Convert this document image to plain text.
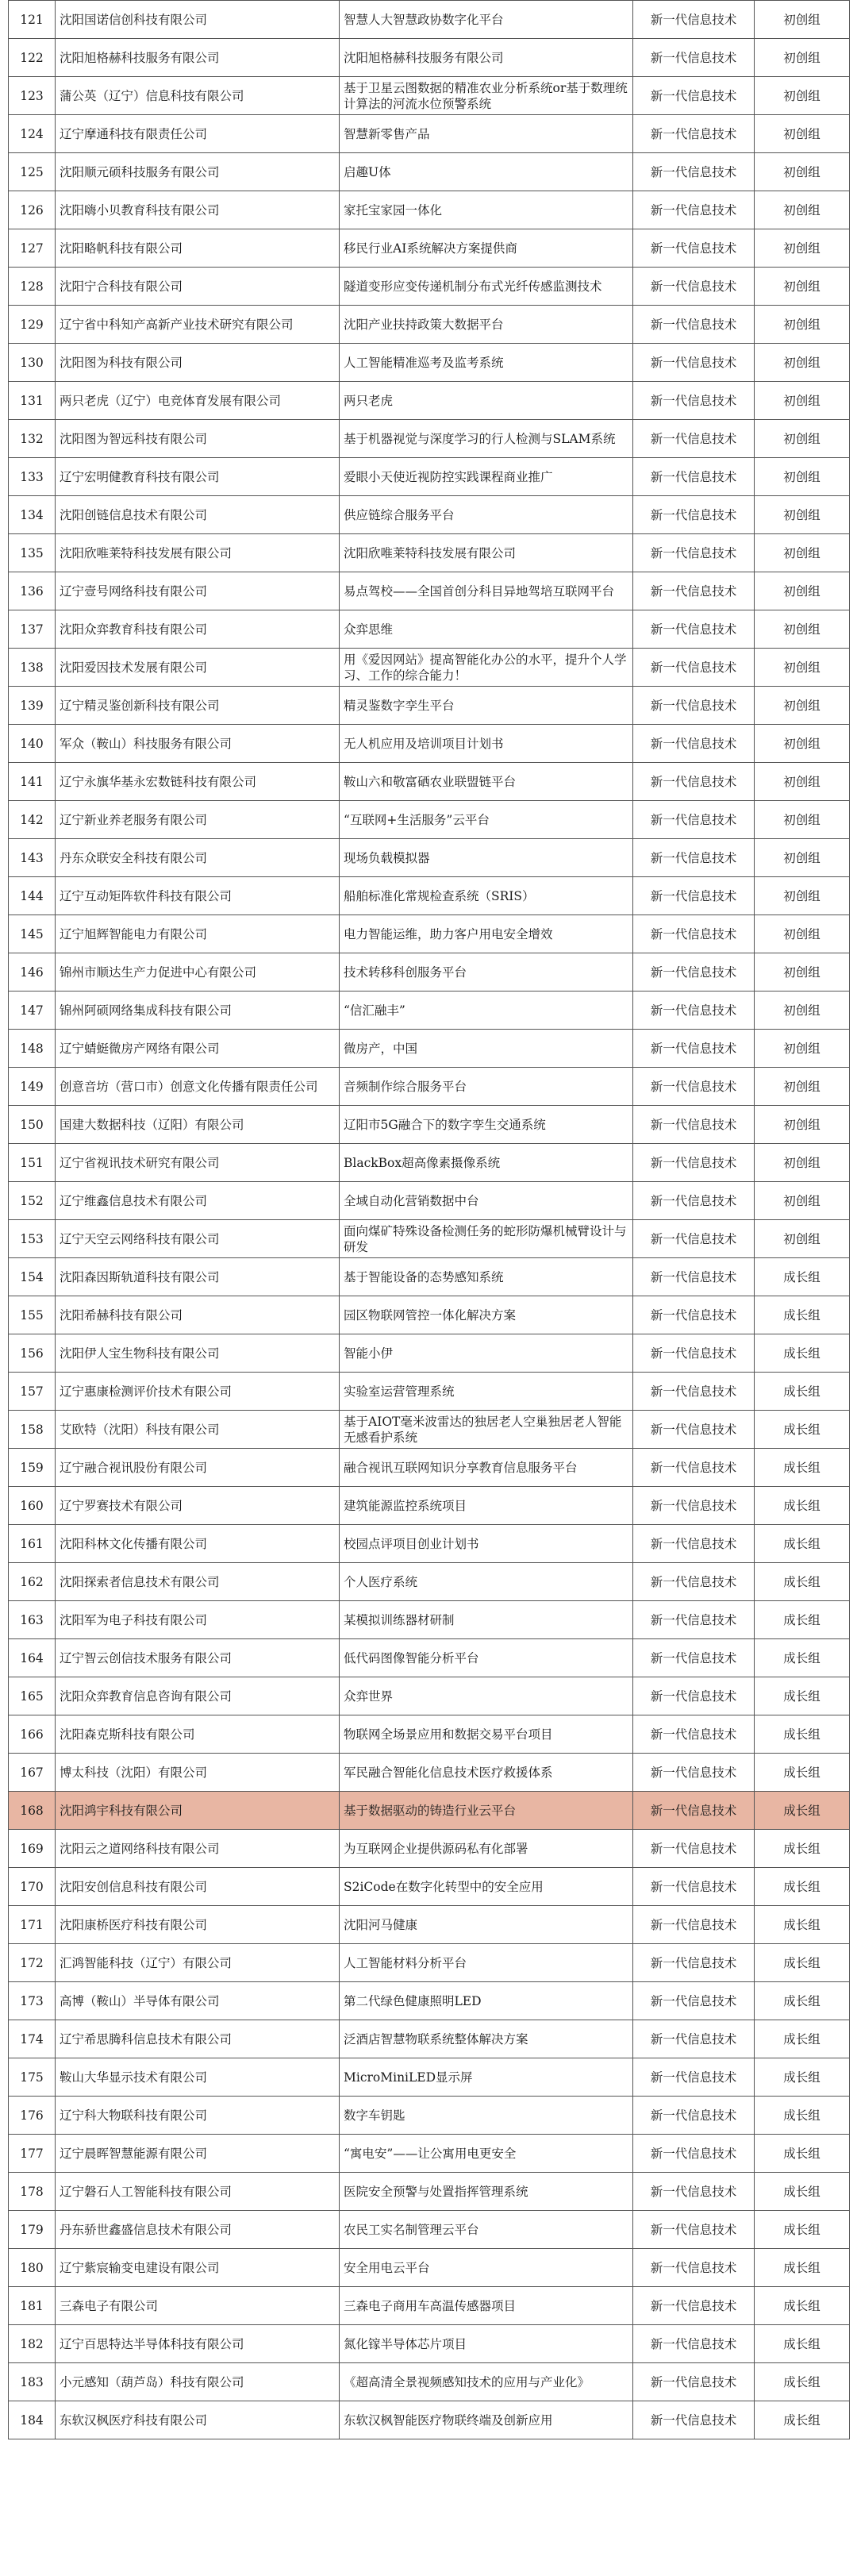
121	沈阳国诺信创科技有限公司	智慧人大智慧政协数字化平台	新一代信息技术	初创组
122	沈阳旭格赫科技服务有限公司	沈阳旭格赫科技服务有限公司	新一代信息技术	初创组
123	蒲公英（辽宁）信息科技有限公司	基于卫星云图数据的精准农业分析系统or基于数理统计算法的河流水位预警系统	新一代信息技术	初创组
124	辽宁摩通科技有限责任公司	智慧新零售产品	新一代信息技术	初创组
125	沈阳顺元硕科技服务有限公司	启趣U体	新一代信息技术	初创组
126	沈阳嗨小贝教育科技有限公司	家托宝家园一体化	新一代信息技术	初创组
127	沈阳略帆科技有限公司	移民行业AI系统解决方案提供商	新一代信息技术	初创组
128	沈阳宁合科技有限公司	隧道变形应变传递机制分布式光纤传感监测技术	新一代信息技术	初创组
129	辽宁省中科知产高新产业技术研究有限公司	沈阳产业扶持政策大数据平台	新一代信息技术	初创组
130	沈阳图为科技有限公司	人工智能精准巡考及监考系统	新一代信息技术	初创组
131	两只老虎（辽宁）电竞体育发展有限公司	两只老虎	新一代信息技术	初创组
132	沈阳图为智远科技有限公司	基于机器视觉与深度学习的行人检测与SLAM系统	新一代信息技术	初创组
133	辽宁宏明健教育科技有限公司	爱眼小天使近视防控实践课程商业推广	新一代信息技术	初创组
134	沈阳创链信息技术有限公司	供应链综合服务平台	新一代信息技术	初创组
135	沈阳欣唯莱特科技发展有限公司	沈阳欣唯莱特科技发展有限公司	新一代信息技术	初创组
136	辽宁壹号网络科技有限公司	易点驾校——全国首创分科目异地驾培互联网平台	新一代信息技术	初创组
137	沈阳众弈教育科技有限公司	众弈思维	新一代信息技术	初创组
138	沈阳爱因技术发展有限公司	用《爱因网站》提高智能化办公的水平，提升个人学习、工作的综合能力！	新一代信息技术	初创组
139	辽宁精灵鉴创新科技有限公司	精灵鉴数字孪生平台	新一代信息技术	初创组
140	军众（鞍山）科技服务有限公司	无人机应用及培训项目计划书	新一代信息技术	初创组
141	辽宁永旗华基永宏数链科技有限公司	鞍山六和敬富硒农业联盟链平台	新一代信息技术	初创组
142	辽宁新业养老服务有限公司	“互联网+生活服务”云平台	新一代信息技术	初创组
143	丹东众联安全科技有限公司	现场负载模拟器	新一代信息技术	初创组
144	辽宁互动矩阵软件科技有限公司	船舶标准化常规检查系统（SRIS）	新一代信息技术	初创组
145	辽宁旭辉智能电力有限公司	电力智能运维，助力客户用电安全增效	新一代信息技术	初创组
146	锦州市顺达生产力促进中心有限公司	技术转移科创服务平台	新一代信息技术	初创组
147	锦州阿硕网络集成科技有限公司	“信汇融丰”	新一代信息技术	初创组
148	辽宁蜻蜓微房产网络有限公司	微房产，中国	新一代信息技术	初创组
149	创意音坊（营口市）创意文化传播有限责任公司	音频制作综合服务平台	新一代信息技术	初创组
150	国建大数据科技（辽阳）有限公司	辽阳市5G融合下的数字孪生交通系统	新一代信息技术	初创组
151	辽宁省视讯技术研究有限公司	BlackBox超高像素摄像系统	新一代信息技术	初创组
152	辽宁维鑫信息技术有限公司	全域自动化营销数据中台	新一代信息技术	初创组
153	辽宁天空云网络科技有限公司	面向煤矿特殊设备检测任务的蛇形防爆机械臂设计与研发	新一代信息技术	初创组
154	沈阳森因斯轨道科技有限公司	基于智能设备的态势感知系统	新一代信息技术	成长组
155	沈阳希赫科技有限公司	园区物联网管控一体化解决方案	新一代信息技术	成长组
156	沈阳伊人宝生物科技有限公司	智能小伊	新一代信息技术	成长组
157	辽宁惠康检测评价技术有限公司	实验室运营管理系统	新一代信息技术	成长组
158	艾欧特（沈阳）科技有限公司	基于AIOT毫米波雷达的独居老人空巢独居老人智能无感看护系统	新一代信息技术	成长组
159	辽宁融合视讯股份有限公司	融合视讯互联网知识分享教育信息服务平台	新一代信息技术	成长组
160	辽宁罗赛技术有限公司	建筑能源监控系统项目	新一代信息技术	成长组
161	沈阳科林文化传播有限公司	校园点评项目创业计划书	新一代信息技术	成长组
162	沈阳探索者信息技术有限公司	个人医疗系统	新一代信息技术	成长组
163	沈阳军为电子科技有限公司	某模拟训练器材研制	新一代信息技术	成长组
164	辽宁智云创信技术服务有限公司	低代码图像智能分析平台	新一代信息技术	成长组
165	沈阳众弈教育信息咨询有限公司	众弈世界	新一代信息技术	成长组
166	沈阳森克斯科技有限公司	物联网全场景应用和数据交易平台项目	新一代信息技术	成长组
167	博太科技（沈阳）有限公司	军民融合智能化信息技术医疗救援体系	新一代信息技术	成长组
168	沈阳鸿宇科技有限公司	基于数据驱动的铸造行业云平台	新一代信息技术	成长组
169	沈阳云之道网络科技有限公司	为互联网企业提供源码私有化部署	新一代信息技术	成长组
170	沈阳安创信息科技有限公司	S2iCode在数字化转型中的安全应用	新一代信息技术	成长组
171	沈阳康桥医疗科技有限公司	沈阳河马健康	新一代信息技术	成长组
172	汇鸿智能科技（辽宁）有限公司	人工智能材料分析平台	新一代信息技术	成长组
173	高博（鞍山）半导体有限公司	第二代绿色健康照明LED	新一代信息技术	成长组
174	辽宁希思腾科信息技术有限公司	泛酒店智慧物联系统整体解决方案	新一代信息技术	成长组
175	鞍山大华显示技术有限公司	MicroMiniLED显示屏	新一代信息技术	成长组
176	辽宁科大物联科技有限公司	数字车钥匙	新一代信息技术	成长组
177	辽宁晨晖智慧能源有限公司	“寓电安”——让公寓用电更安全	新一代信息技术	成长组
178	辽宁磐石人工智能科技有限公司	医院安全预警与处置指挥管理系统	新一代信息技术	成长组
179	丹东骄世鑫盛信息技术有限公司	农民工实名制管理云平台	新一代信息技术	成长组
180	辽宁紫宸输变电建设有限公司	安全用电云平台	新一代信息技术	成长组
181	三森电子有限公司	三森电子商用车高温传感器项目	新一代信息技术	成长组
182	辽宁百思特达半导体科技有限公司	氮化镓半导体芯片项目	新一代信息技术	成长组
183	小元感知（葫芦岛）科技有限公司	《超高清全景视频感知技术的应用与产业化》	新一代信息技术	成长组
184	东软汉枫医疗科技有限公司	东软汉枫智能医疗物联终端及创新应用	新一代信息技术	成长组
